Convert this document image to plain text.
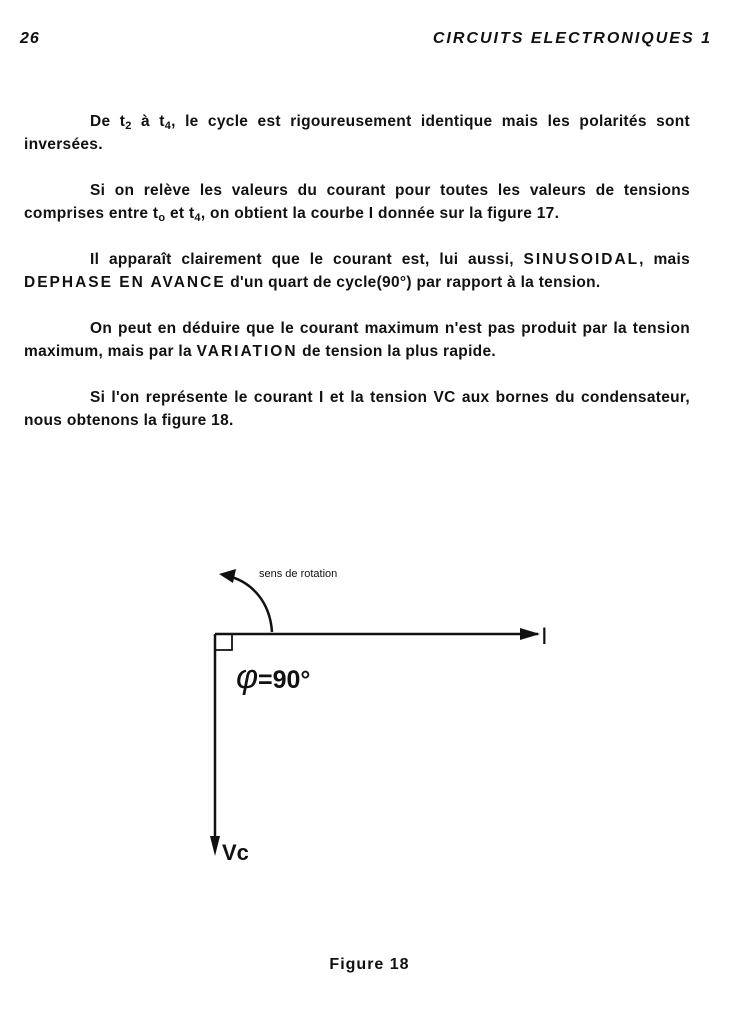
26	CIRCUITS ELECTRONIQUES 1

De $t_2$ à $t_4$, le cycle est rigoureusement identique mais les polarités sont inversées.

Si on relève les valeurs du courant pour toutes les valeurs de tensions comprises entre $t_o$ et $t_4$, on obtient la courbe I donnée sur la figure 17.

Il apparaît clairement que le courant est, lui aussi, SINUSOIDAL, mais DEPHASE EN AVANCE d'un quart de cycle(90°) par rapport à la tension.

On peut en déduire que le courant maximum n'est pas produit par la tension maximum, mais par la VARIATION de tension la plus rapide.

Si l'on représente le courant I et la tension VC aux bornes du condensateur, nous obtenons la figure 18.

sens de rotation
I
Vc
φ =90°
Figure 18
